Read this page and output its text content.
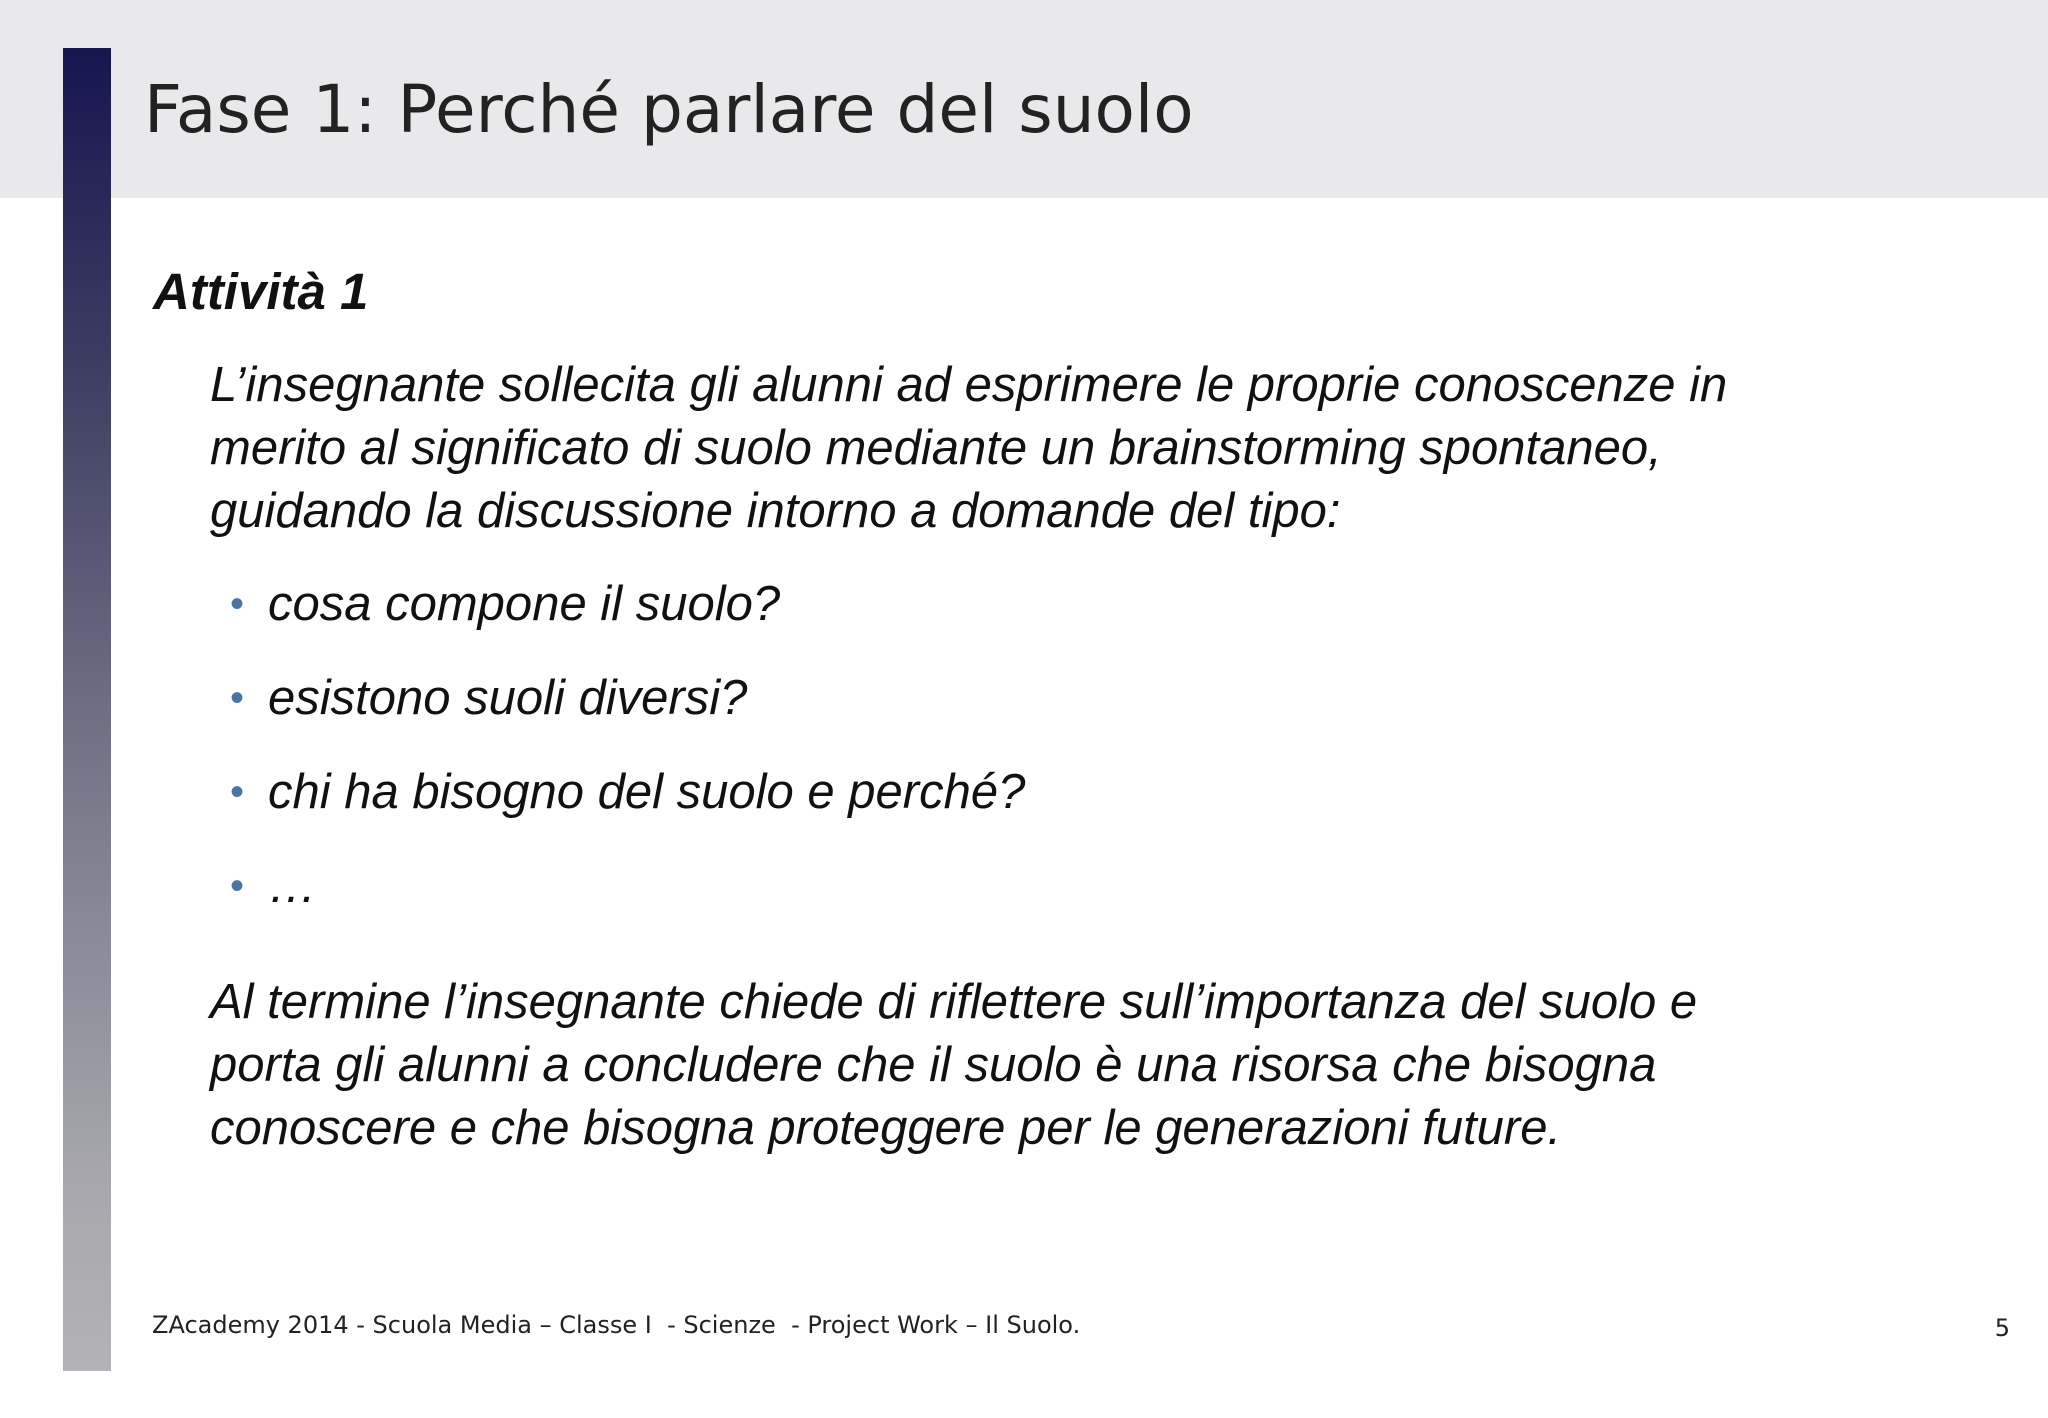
Fase 1: Perché parlare del suolo
Attività 1

L’insegnante sollecita gli alunni ad esprimere le proprie conoscenze in
merito al significato di suolo mediante un brainstorming spontaneo,
guidando la discussione intorno a domande del tipo:

• cosa compone il suolo?
• esistono suoli diversi?
• chi ha bisogno del suolo e perché?
• …

Al termine l’insegnante chiede di riflettere sull’importanza del suolo e
porta gli alunni a concludere che il suolo è una risorsa che bisogna
conoscere e che bisogna proteggere per le generazioni future.

ZAcademy 2014 - Scuola Media – Classe I  - Scienze  - Project Work – Il Suolo.	5
